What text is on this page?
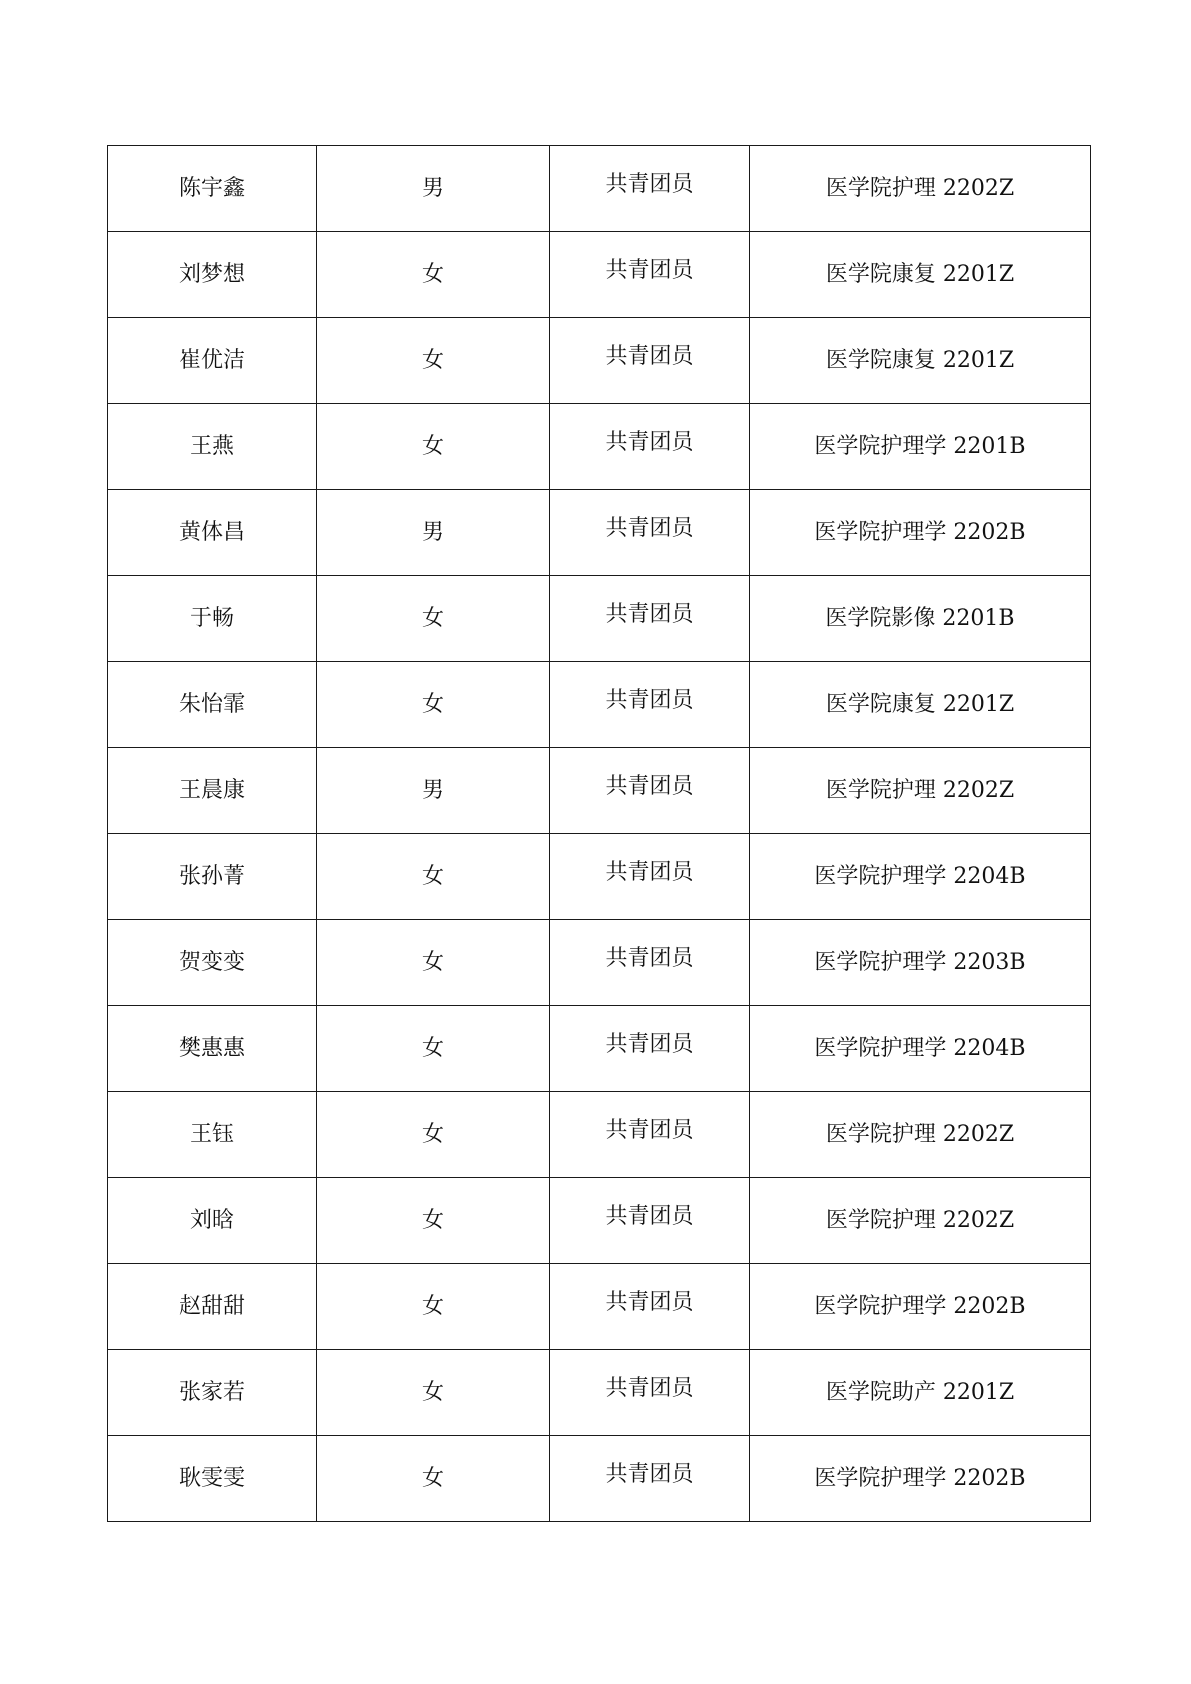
陈宇鑫	男	共青团员	医学院护理 2202Z
刘梦想	女	共青团员	医学院康复 2201Z
崔优洁	女	共青团员	医学院康复 2201Z
王燕	女	共青团员	医学院护理学 2201B
黄体昌	男	共青团员	医学院护理学 2202B
于畅	女	共青团员	医学院影像 2201B
朱怡霏	女	共青团员	医学院康复 2201Z
王晨康	男	共青团员	医学院护理 2202Z
张孙菁	女	共青团员	医学院护理学 2204B
贺变变	女	共青团员	医学院护理学 2203B
樊惠惠	女	共青团员	医学院护理学 2204B
王钰	女	共青团员	医学院护理 2202Z
刘晗	女	共青团员	医学院护理 2202Z
赵甜甜	女	共青团员	医学院护理学 2202B
张家若	女	共青团员	医学院助产 2201Z
耿雯雯	女	共青团员	医学院护理学 2202B
